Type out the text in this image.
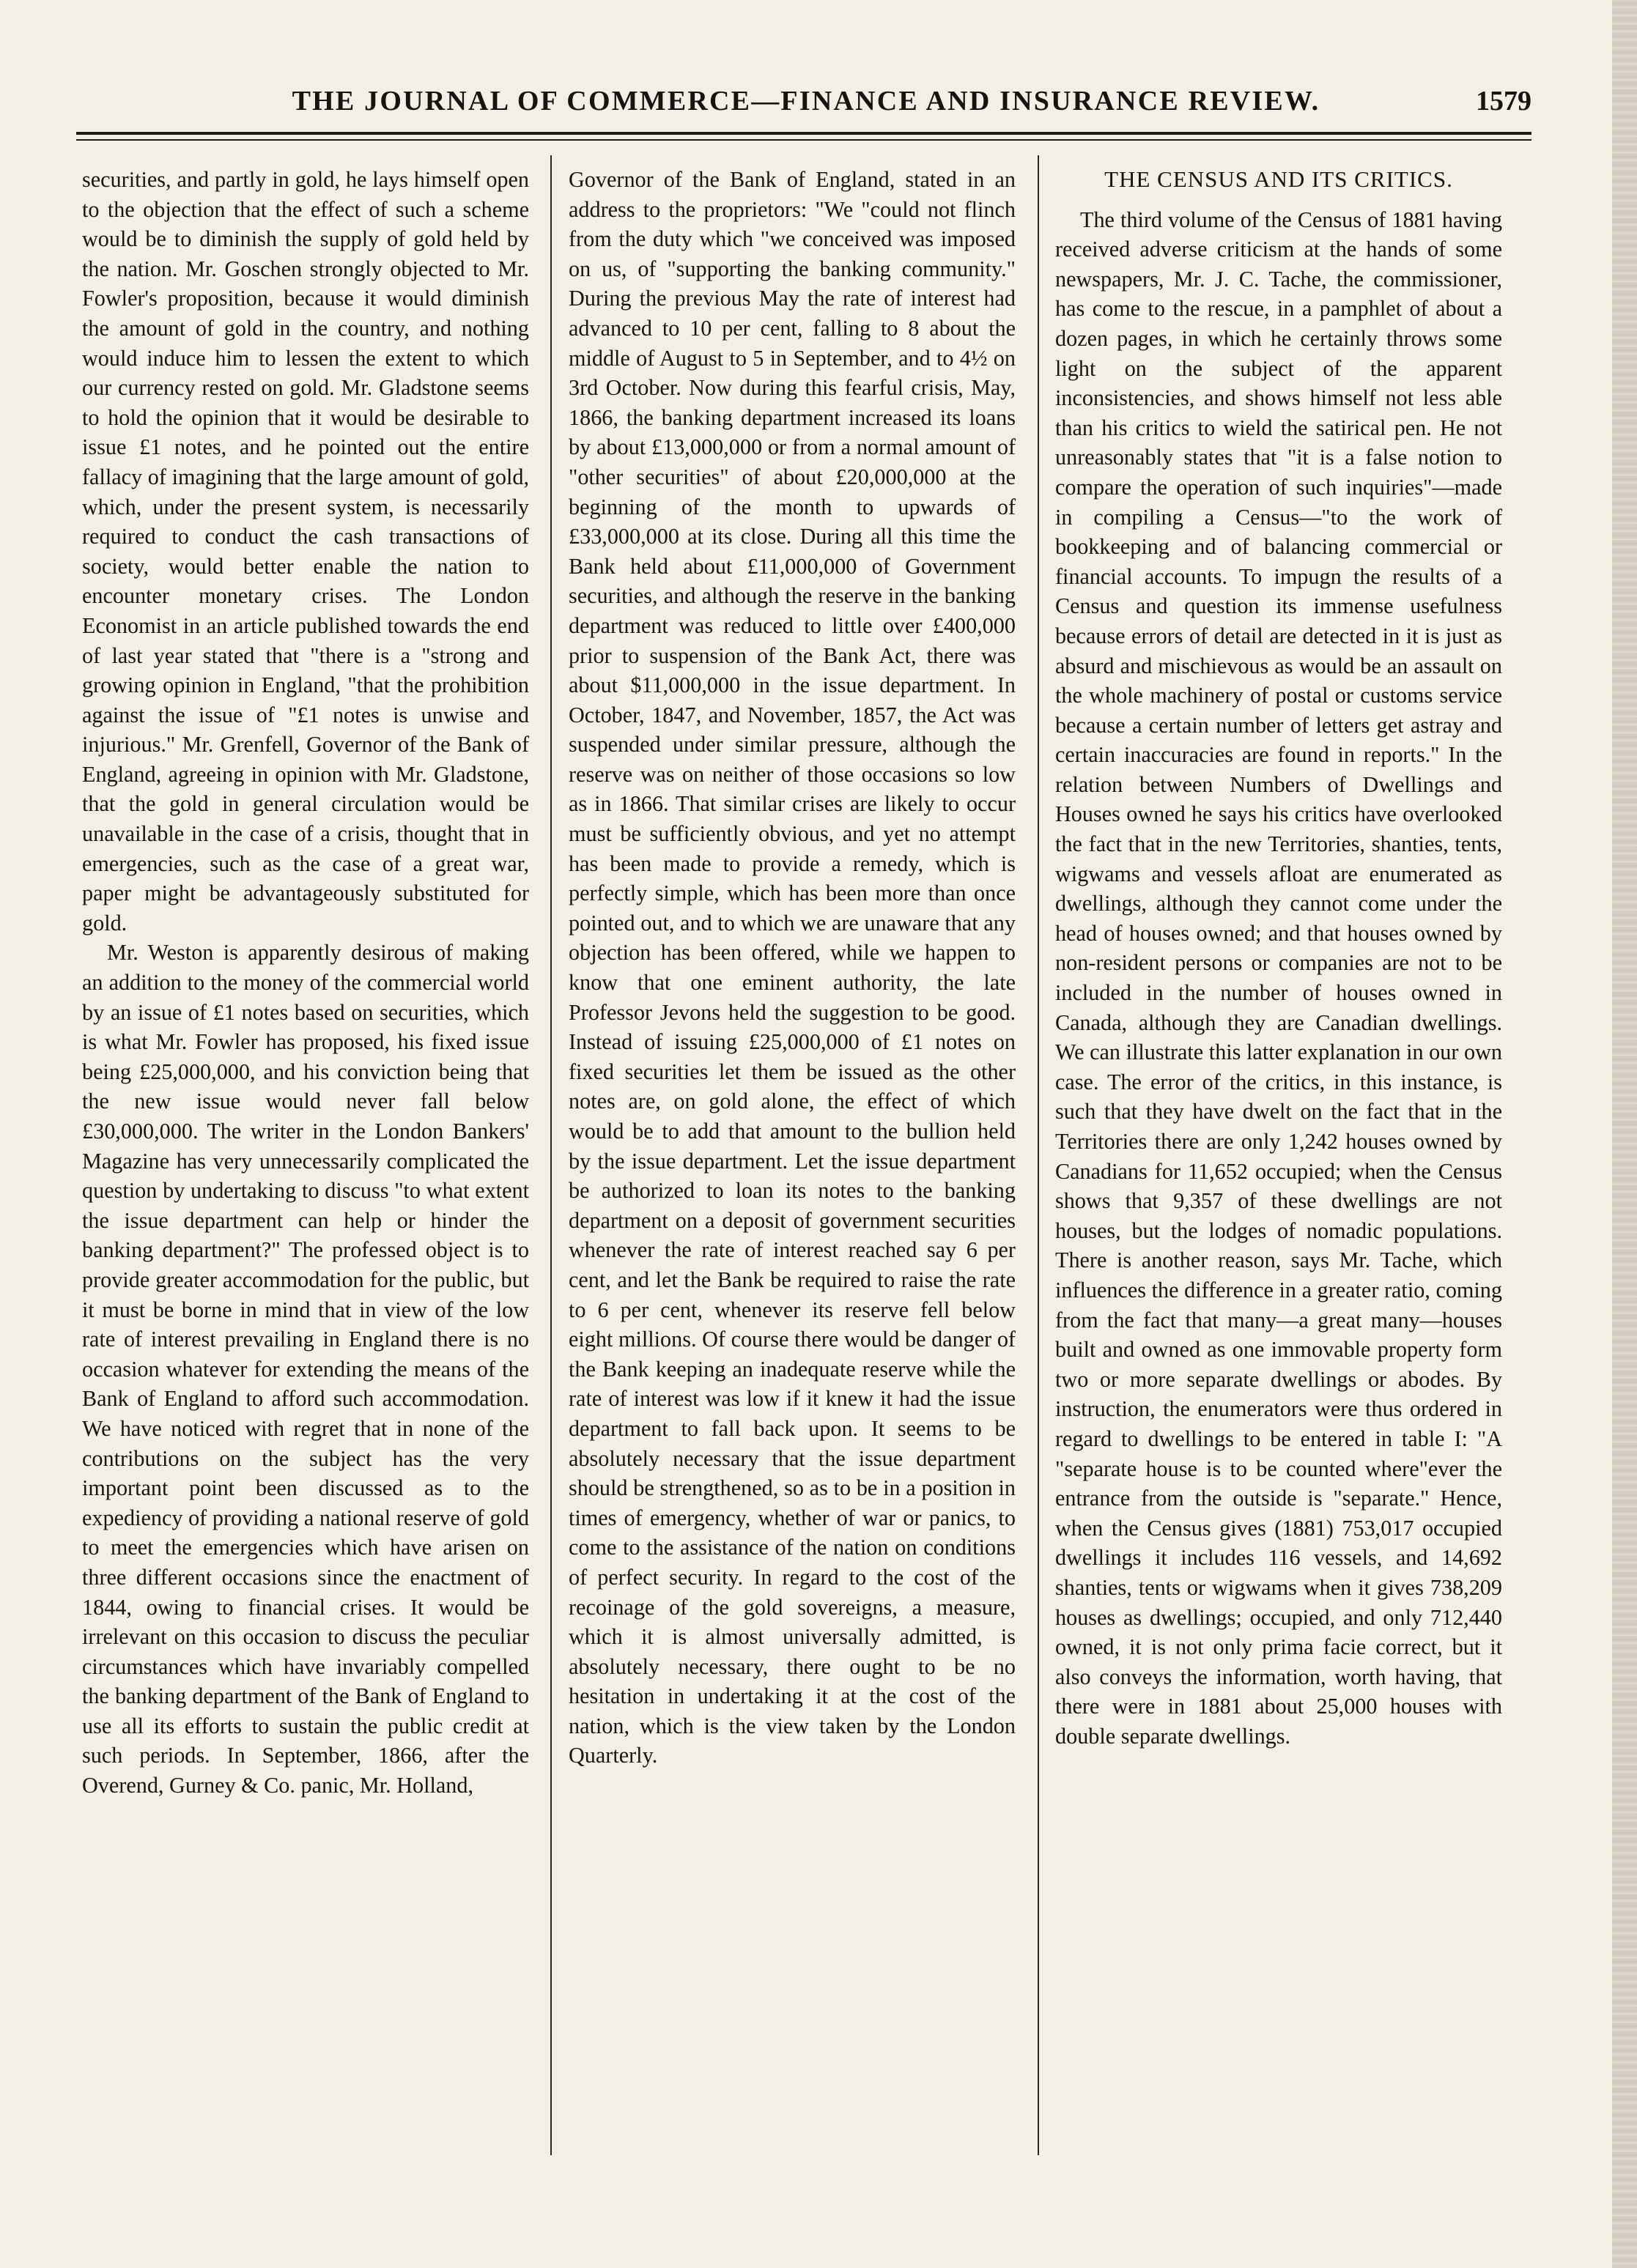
THE JOURNAL OF COMMERCE—FINANCE AND INSURANCE REVIEW.	1579

securities, and partly in gold, he lays himself open to the objection that the effect of such a scheme would be to diminish the supply of gold held by the nation. Mr. Goschen strongly objected to Mr. Fowler's proposition, because it would diminish the amount of gold in the country, and nothing would induce him to lessen the extent to which our currency rested on gold. Mr. Gladstone seems to hold the opinion that it would be desirable to issue £1 notes, and he pointed out the entire fallacy of imagining that the large amount of gold, which, under the present system, is necessarily required to conduct the cash transactions of society, would better enable the nation to encounter monetary crises. The London Economist in an article published towards the end of last year stated that "there is a "strong and growing opinion in England, "that the prohibition against the issue of "£1 notes is unwise and injurious." Mr. Grenfell, Governor of the Bank of England, agreeing in opinion with Mr. Gladstone, that the gold in general circulation would be unavailable in the case of a crisis, thought that in emergencies, such as the case of a great war, paper might be advantageously substituted for gold.

Mr. Weston is apparently desirous of making an addition to the money of the commercial world by an issue of £1 notes based on securities, which is what Mr. Fowler has proposed, his fixed issue being £25,000,000, and his conviction being that the new issue would never fall below £30,000,000. The writer in the London Bankers' Magazine has very unnecessarily complicated the question by undertaking to discuss "to what extent the issue department can help or hinder the banking department?" The professed object is to provide greater accommodation for the public, but it must be borne in mind that in view of the low rate of interest prevailing in England there is no occasion whatever for extending the means of the Bank of England to afford such accommodation. We have noticed with regret that in none of the contributions on the subject has the very important point been discussed as to the expediency of providing a national reserve of gold to meet the emergencies which have arisen on three different occasions since the enactment of 1844, owing to financial crises. It would be irrelevant on this occasion to discuss the peculiar circumstances which have invariably compelled the banking department of the Bank of England to use all its efforts to sustain the public credit at such periods. In September, 1866, after the Overend, Gurney & Co. panic, Mr. Holland,

Governor of the Bank of England, stated in an address to the proprietors: "We "could not flinch from the duty which "we conceived was imposed on us, of "supporting the banking community." During the previous May the rate of interest had advanced to 10 per cent, falling to 8 about the middle of August to 5 in September, and to 4½ on 3rd October. Now during this fearful crisis, May, 1866, the banking department increased its loans by about £13,000,000 or from a normal amount of "other securities" of about £20,000,000 at the beginning of the month to upwards of £33,000,000 at its close. During all this time the Bank held about £11,000,000 of Government securities, and although the reserve in the banking department was reduced to little over £400,000 prior to suspension of the Bank Act, there was about $11,000,000 in the issue department. In October, 1847, and November, 1857, the Act was suspended under similar pressure, although the reserve was on neither of those occasions so low as in 1866. That similar crises are likely to occur must be sufficiently obvious, and yet no attempt has been made to provide a remedy, which is perfectly simple, which has been more than once pointed out, and to which we are unaware that any objection has been offered, while we happen to know that one eminent authority, the late Professor Jevons held the suggestion to be good. Instead of issuing £25,000,000 of £1 notes on fixed securities let them be issued as the other notes are, on gold alone, the effect of which would be to add that amount to the bullion held by the issue department. Let the issue department be authorized to loan its notes to the banking department on a deposit of government securities whenever the rate of interest reached say 6 per cent, and let the Bank be required to raise the rate to 6 per cent, whenever its reserve fell below eight millions. Of course there would be danger of the Bank keeping an inadequate reserve while the rate of interest was low if it knew it had the issue department to fall back upon. It seems to be absolutely necessary that the issue department should be strengthened, so as to be in a position in times of emergency, whether of war or panics, to come to the assistance of the nation on conditions of perfect security. In regard to the cost of the recoinage of the gold sovereigns, a measure, which it is almost universally admitted, is absolutely necessary, there ought to be no hesitation in undertaking it at the cost of the nation, which is the view taken by the London Quarterly.

THE CENSUS AND ITS CRITICS.

The third volume of the Census of 1881 having received adverse criticism at the hands of some newspapers, Mr. J. C. Tache, the commissioner, has come to the rescue, in a pamphlet of about a dozen pages, in which he certainly throws some light on the subject of the apparent inconsistencies, and shows himself not less able than his critics to wield the satirical pen. He not unreasonably states that "it is a false notion to compare the operation of such inquiries"—made in compiling a Census—"to the work of bookkeeping and of balancing commercial or financial accounts. To impugn the results of a Census and question its immense usefulness because errors of detail are detected in it is just as absurd and mischievous as would be an assault on the whole machinery of postal or customs service because a certain number of letters get astray and certain inaccuracies are found in reports." In the relation between Numbers of Dwellings and Houses owned he says his critics have overlooked the fact that in the new Territories, shanties, tents, wigwams and vessels afloat are enumerated as dwellings, although they cannot come under the head of houses owned; and that houses owned by non-resident persons or companies are not to be included in the number of houses owned in Canada, although they are Canadian dwellings. We can illustrate this latter explanation in our own case. The error of the critics, in this instance, is such that they have dwelt on the fact that in the Territories there are only 1,242 houses owned by Canadians for 11,652 occupied; when the Census shows that 9,357 of these dwellings are not houses, but the lodges of nomadic populations. There is another reason, says Mr. Tache, which influences the difference in a greater ratio, coming from the fact that many—a great many—houses built and owned as one immovable property form two or more separate dwellings or abodes. By instruction, the enumerators were thus ordered in regard to dwellings to be entered in table I: "A "separate house is to be counted where"ever the entrance from the outside is "separate." Hence, when the Census gives (1881) 753,017 occupied dwellings it includes 116 vessels, and 14,692 shanties, tents or wigwams when it gives 738,209 houses as dwellings; occupied, and only 712,440 owned, it is not only prima facie correct, but it also conveys the information, worth having, that there were in 1881 about 25,000 houses with double separate dwellings.
